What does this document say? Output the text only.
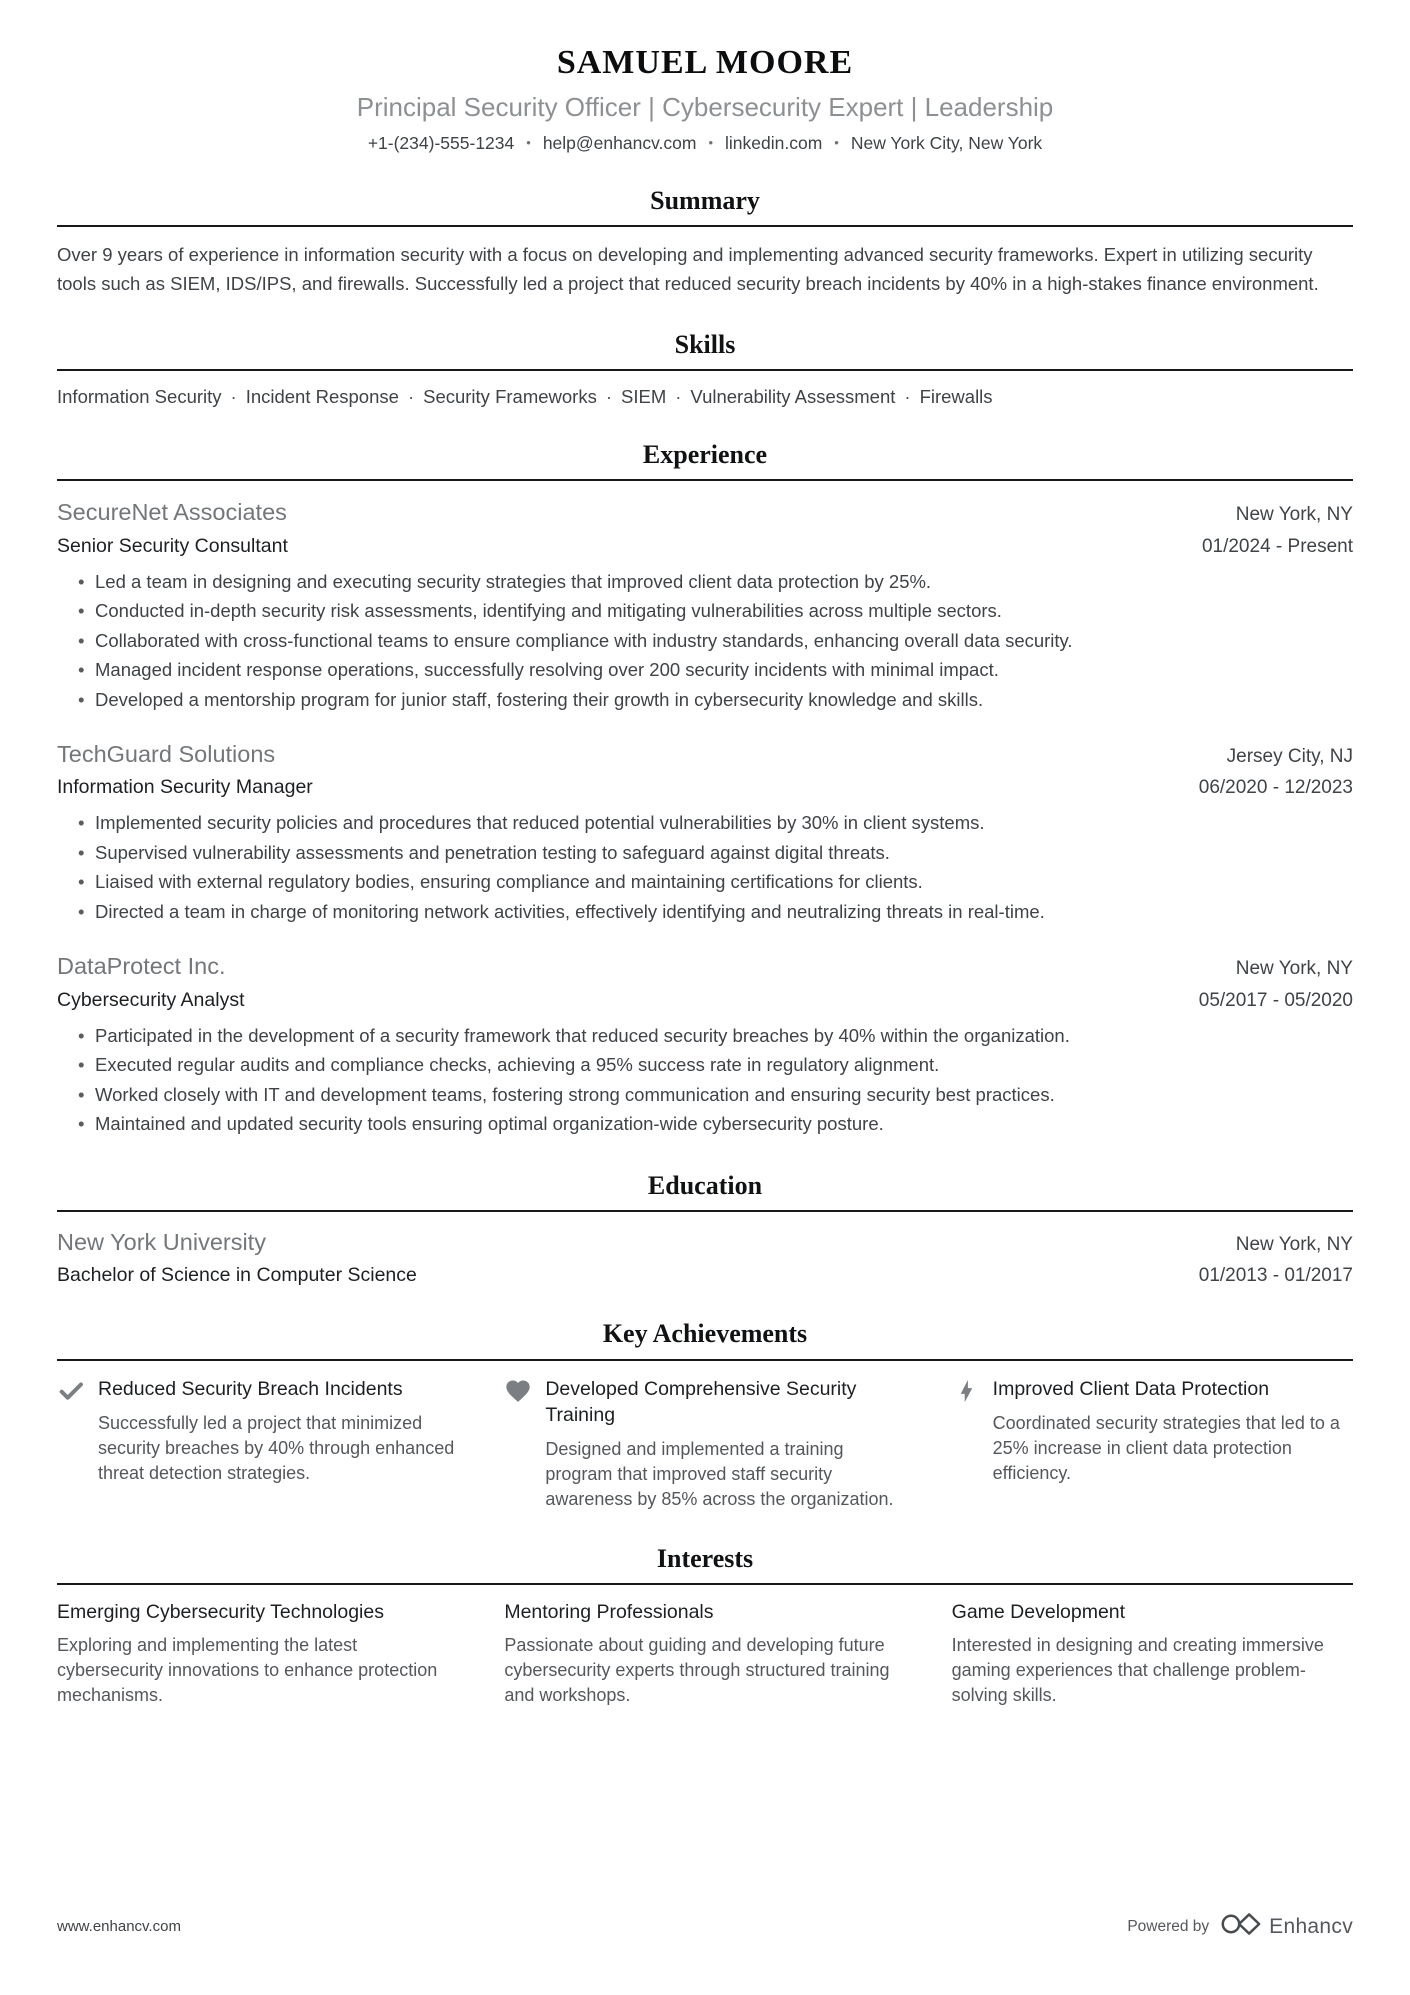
SAMUEL MOORE
Principal Security Officer | Cybersecurity Expert | Leadership
+1-(234)-555-1234 • help@enhancv.com • linkedin.com • New York City, New York
Summary
Over 9 years of experience in information security with a focus on developing and implementing advanced security frameworks. Expert in utilizing security tools such as SIEM, IDS/IPS, and firewalls. Successfully led a project that reduced security breach incidents by 40% in a high-stakes finance environment.
Skills
Information Security · Incident Response · Security Frameworks · SIEM · Vulnerability Assessment · Firewalls
Experience
SecureNet Associates	New York, NY
Senior Security Consultant	01/2024 - Present
• Led a team in designing and executing security strategies that improved client data protection by 25%.
• Conducted in-depth security risk assessments, identifying and mitigating vulnerabilities across multiple sectors.
• Collaborated with cross-functional teams to ensure compliance with industry standards, enhancing overall data security.
• Managed incident response operations, successfully resolving over 200 security incidents with minimal impact.
• Developed a mentorship program for junior staff, fostering their growth in cybersecurity knowledge and skills.
TechGuard Solutions	Jersey City, NJ
Information Security Manager	06/2020 - 12/2023
• Implemented security policies and procedures that reduced potential vulnerabilities by 30% in client systems.
• Supervised vulnerability assessments and penetration testing to safeguard against digital threats.
• Liaised with external regulatory bodies, ensuring compliance and maintaining certifications for clients.
• Directed a team in charge of monitoring network activities, effectively identifying and neutralizing threats in real-time.
DataProtect Inc.	New York, NY
Cybersecurity Analyst	05/2017 - 05/2020
• Participated in the development of a security framework that reduced security breaches by 40% within the organization.
• Executed regular audits and compliance checks, achieving a 95% success rate in regulatory alignment.
• Worked closely with IT and development teams, fostering strong communication and ensuring security best practices.
• Maintained and updated security tools ensuring optimal organization-wide cybersecurity posture.
Education
New York University	New York, NY
Bachelor of Science in Computer Science	01/2013 - 01/2017
Key Achievements
Reduced Security Breach Incidents
Successfully led a project that minimized security breaches by 40% through enhanced threat detection strategies.
Developed Comprehensive Security Training
Designed and implemented a training program that improved staff security awareness by 85% across the organization.
Improved Client Data Protection
Coordinated security strategies that led to a 25% increase in client data protection efficiency.
Interests
Emerging Cybersecurity Technologies
Exploring and implementing the latest cybersecurity innovations to enhance protection mechanisms.
Mentoring Professionals
Passionate about guiding and developing future cybersecurity experts through structured training and workshops.
Game Development
Interested in designing and creating immersive gaming experiences that challenge problem-solving skills.
www.enhancv.com	Powered by	Enhancv
